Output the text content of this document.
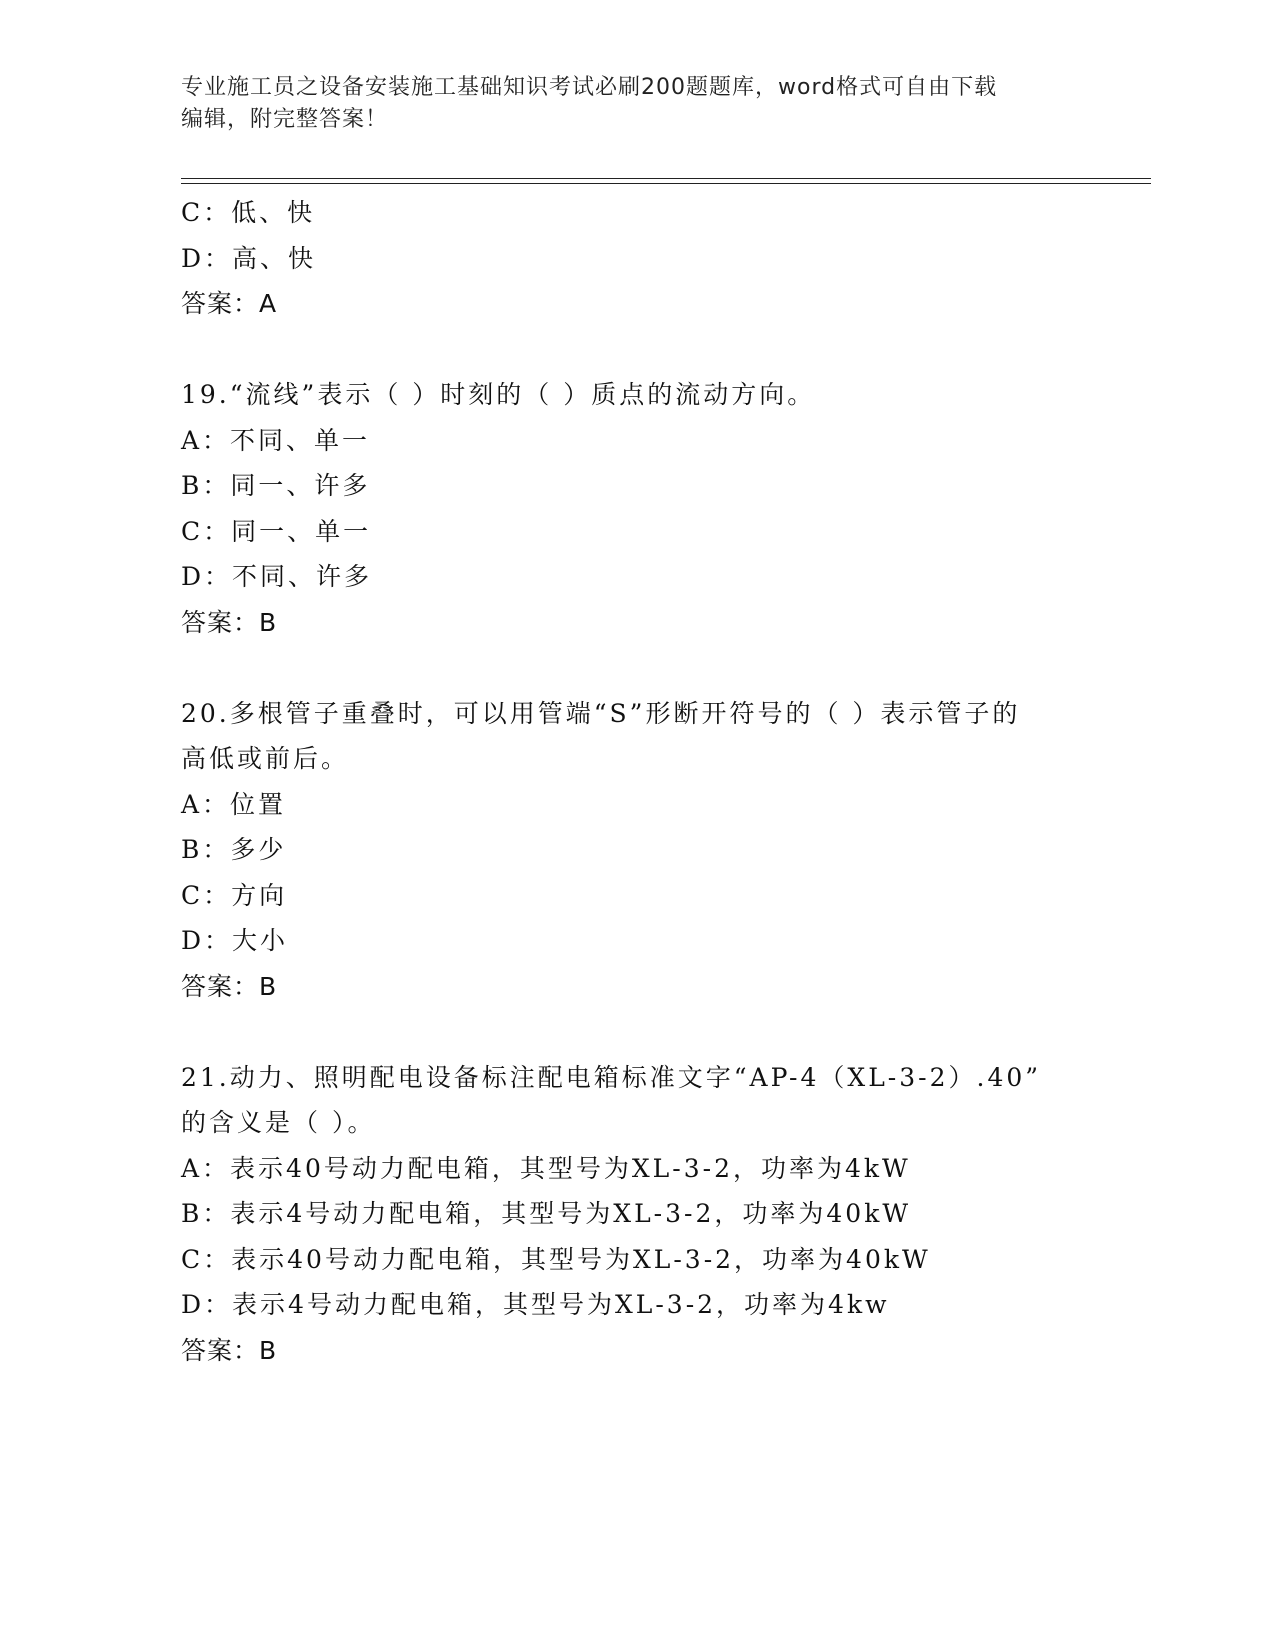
专业施工员之设备安装施工基础知识考试必刷200题题库，word格式可自由下载
编辑，附完整答案！

C：低、快

D：高、快

答案：A

19.“流线”表示（ ）时刻的（ ）质点的流动方向。

A：不同、单一

B：同一、许多

C：同一、单一

D：不同、许多

答案：B

20.多根管子重叠时，可以用管端“S”形断开符号的（ ）表示管子的

高低或前后。

A：位置

B：多少

C：方向

D：大小

答案：B

21.动力、照明配电设备标注配电箱标准文字“AP-4（XL-3-2）.40”

的含义是（ ）。

A：表示40号动力配电箱，其型号为XL-3-2，功率为4kW

B：表示4号动力配电箱，其型号为XL-3-2，功率为40kW

C：表示40号动力配电箱，其型号为XL-3-2，功率为40kW

D：表示4号动力配电箱，其型号为XL-3-2，功率为4kw

答案：B
